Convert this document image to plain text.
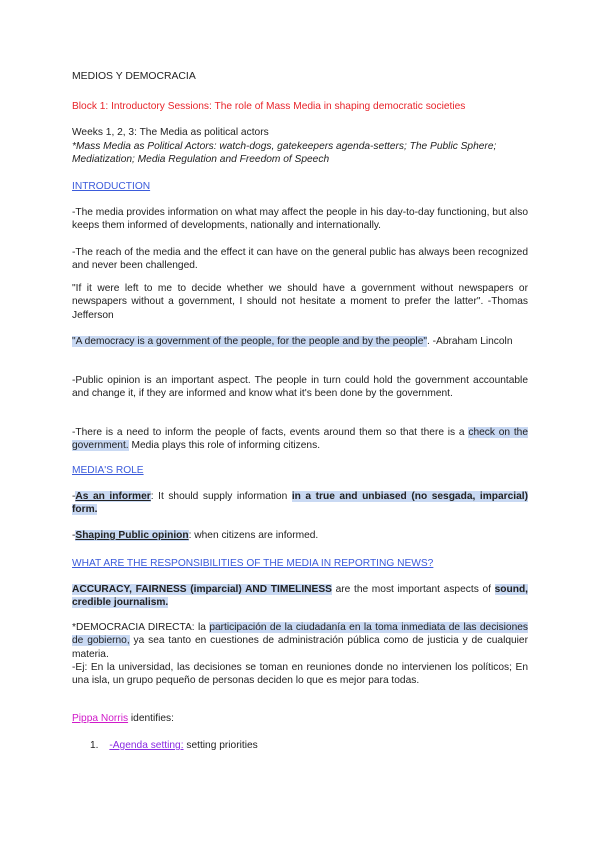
MEDIOS Y DEMOCRACIA

Block 1: Introductory Sessions: The role of Mass Media in shaping democratic societies

Weeks 1, 2, 3: The Media as political actors

*Mass Media as Political Actors: watch-dogs, gatekeepers agenda-setters; The Public Sphere; Mediatization; Media Regulation and Freedom of Speech

INTRODUCTION

-The media provides information on what may affect the people in his day-to-day functioning, but also keeps them informed of developments, nationally and internationally.

-The reach of the media and the effect it can have on the general public has always been recognized and never been challenged.

"If it were left to me to decide whether we should have a government without newspapers or newspapers without a government, I should not hesitate a moment to prefer the latter". -Thomas Jefferson

"A democracy is a government of the people, for the people and by the people". -Abraham Lincoln

-Public opinion is an important aspect. The people in turn could hold the government accountable and change it, if they are informed and know what it's been done by the government.

-There is a need to inform the people of facts, events around them so that there is a check on the government. Media plays this role of informing citizens.

MEDIA'S ROLE

-As an informer: It should supply information in a true and unbiased (no sesgada, imparcial) form.

-Shaping Public opinion: when citizens are informed.

WHAT ARE THE RESPONSIBILITIES OF THE MEDIA IN REPORTING NEWS?

ACCURACY, FAIRNESS (imparcial) AND TIMELINESS are the most important aspects of sound, credible journalism.

*DEMOCRACIA DIRECTA: la participación de la ciudadanía en la toma inmediata de las decisiones de gobierno, ya sea tanto en cuestiones de administración pública como de justicia y de cualquier materia.

-Ej: En la universidad, las decisiones se toman en reuniones donde no intervienen los políticos; En una isla, un grupo pequeño de personas deciden lo que es mejor para todas.

Pippa Norris identifies:

1. -Agenda setting: setting priorities
